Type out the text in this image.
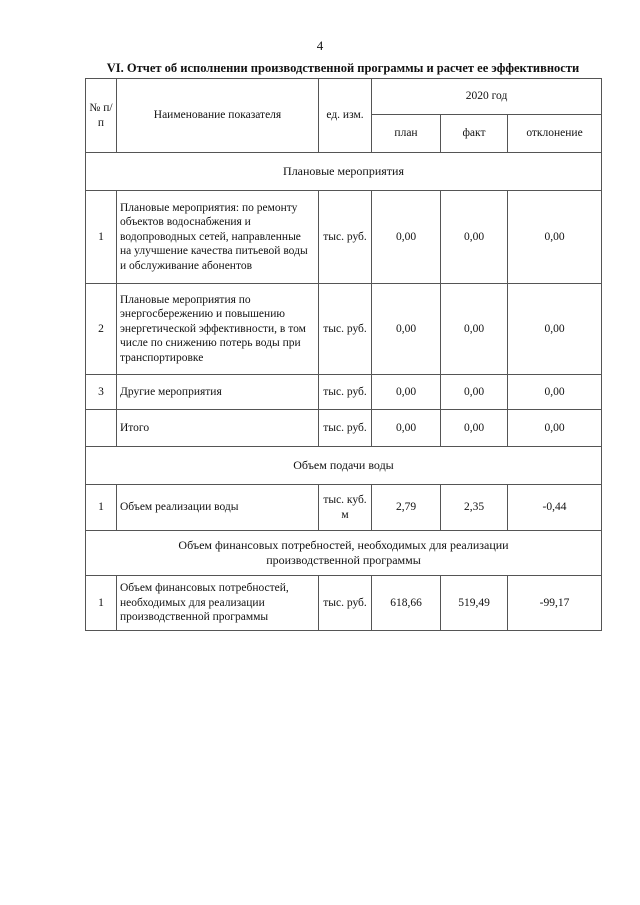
4
VI. Отчет об исполнении производственной программы и расчет ее эффективности
№ п/п	Наименование показателя	ед. изм.	2020 год		
			план	факт	отклонение
Плановые мероприятия					
1	Плановые мероприятия: по ремонту объектов водоснабжения и водопроводных сетей, направленные на улучшение качества питьевой воды и обслуживание абонентов	тыс. руб.	0,00	0,00	0,00
2	Плановые мероприятия по энергосбережению и повышению энергетической эффективности, в том числе по снижению потерь воды при транспортировке	тыс. руб.	0,00	0,00	0,00
3	Другие мероприятия	тыс. руб.	0,00	0,00	0,00
	Итого	тыс. руб.	0,00	0,00	0,00
Объем подачи воды					
1	Объем реализации воды	тыс. куб. м	2,79	2,35	-0,44
Объем финансовых потребностей, необходимых для реализации производственной программы					
1	Объем финансовых потребностей, необходимых для реализации производственной программы	тыс. руб.	618,66	519,49	-99,17
